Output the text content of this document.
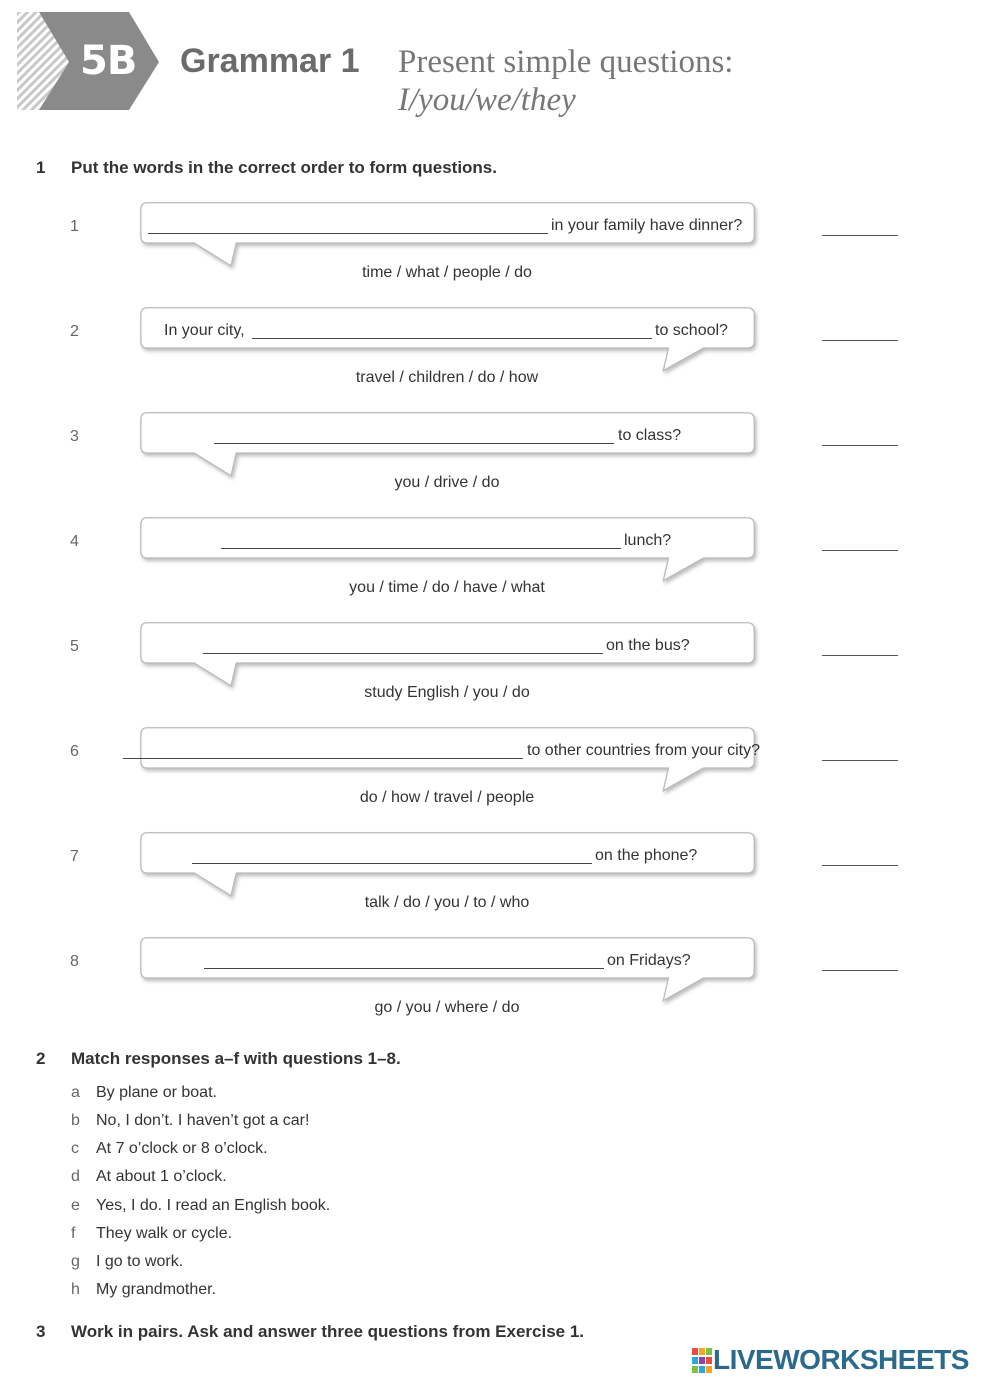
5B Grammar 1 Present simple questions:
I/you/we/they
1 Put the words in the correct order to form questions.
1	in your family have dinner?
time / what / people / do
2	In your city,	to school?
travel / children / do / how
3	to class?
you / drive / do
4	lunch?
you / time / do / have / what
5	on the bus?
study English / you / do
6	to other countries from your city?
do / how / travel / people
7	on the phone?
talk / do / you / to / who
8	on Fridays?
go / you / where / do
2 Match responses a–f with questions 1–8.
a By plane or boat.
b No, I don’t. I haven’t got a car!
c At 7 o’clock or 8 o’clock.
d At about 1 o’clock.
e Yes, I do. I read an English book.
f They walk or cycle.
g I go to work.
h My grandmother.
3 Work in pairs. Ask and answer three questions from Exercise 1.
LIVEWORKSHEETS
